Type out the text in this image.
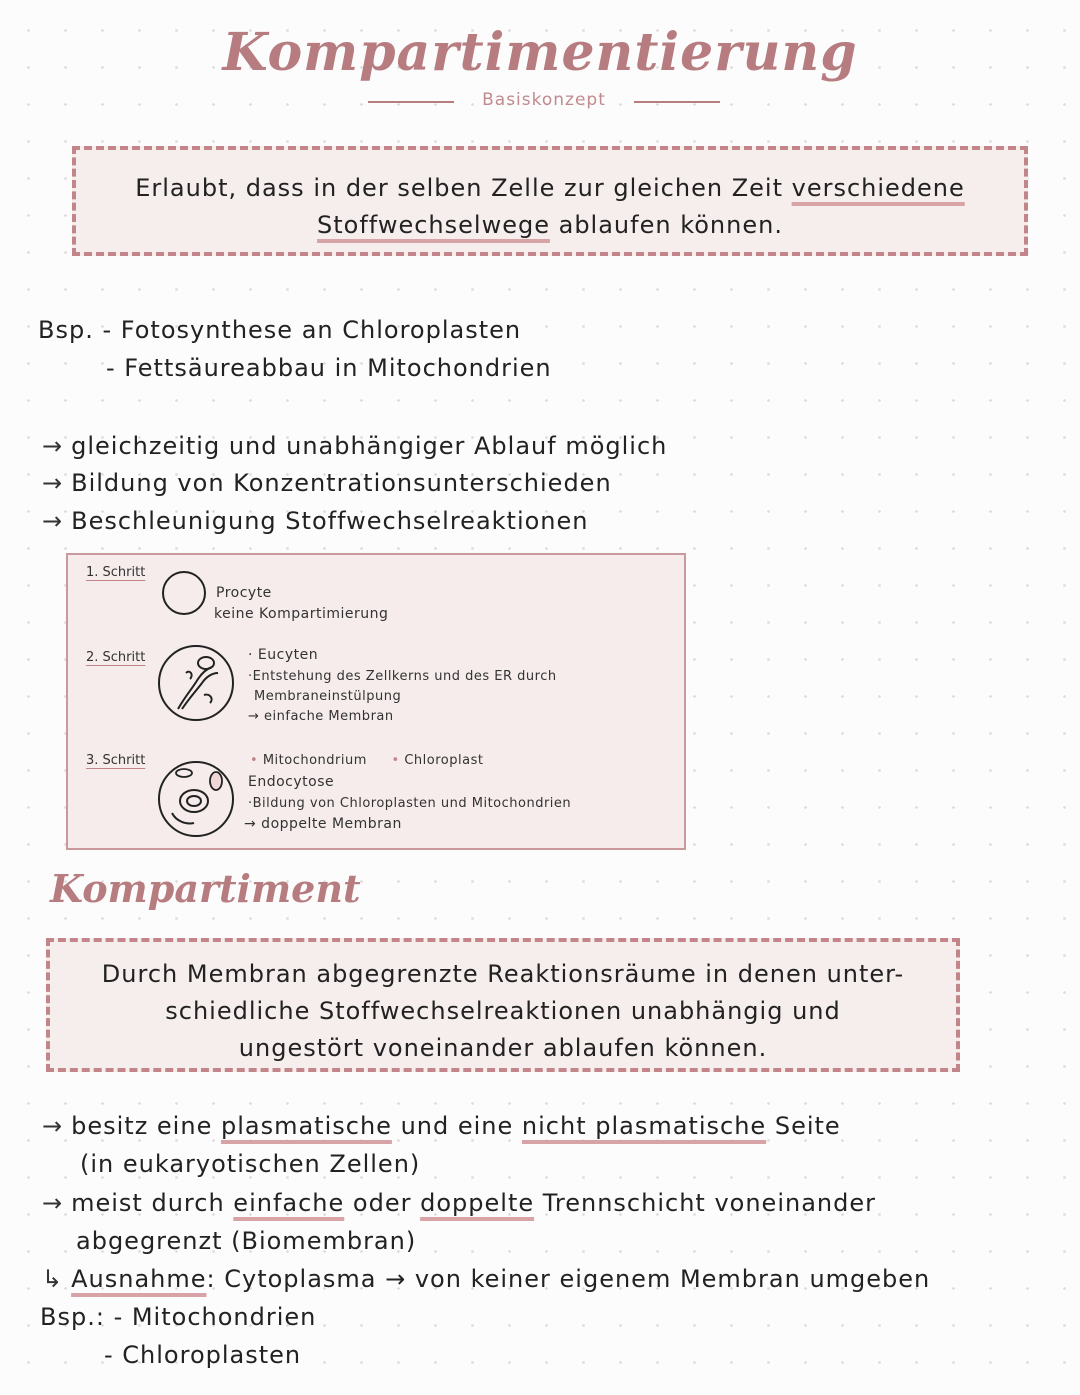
Kompartimentierung
Basiskonzept
Erlaubt, dass in der selben Zelle zur gleichen Zeit verschiedene
Stoffwechselwege ablaufen können.
Bsp. - Fotosynthese an Chloroplasten
- Fettsäureabbau in Mitochondrien
→ gleichzeitig und unabhängiger Ablauf möglich
→ Bildung von Konzentrationsunterschieden
→ Beschleunigung Stoffwechselreaktionen
1. Schritt
Procyte
keine Kompartimierung
2. Schritt	· Eucyten
·Entstehung des Zellkerns und des ER durch
Membraneinstülpung
→ einfache Membran
3. Schritt	• Mitochondrium • Chloroplast
Endocytose
·Bildung von Chloroplasten und Mitochondrien
→ doppelte Membran
Kompartiment
Durch Membran abgegrenzte Reaktionsräume in denen unter-
schiedliche Stoffwechselreaktionen unabhängig und
ungestört voneinander ablaufen können.
→ besitz eine plasmatische und eine nicht plasmatische Seite
(in eukaryotischen Zellen)
→ meist durch einfache oder doppelte Trennschicht voneinander
abgegrenzt (Biomembran)
↳ Ausnahme: Cytoplasma → von keiner eigenem Membran umgeben
Bsp.: - Mitochondrien
- Chloroplasten
